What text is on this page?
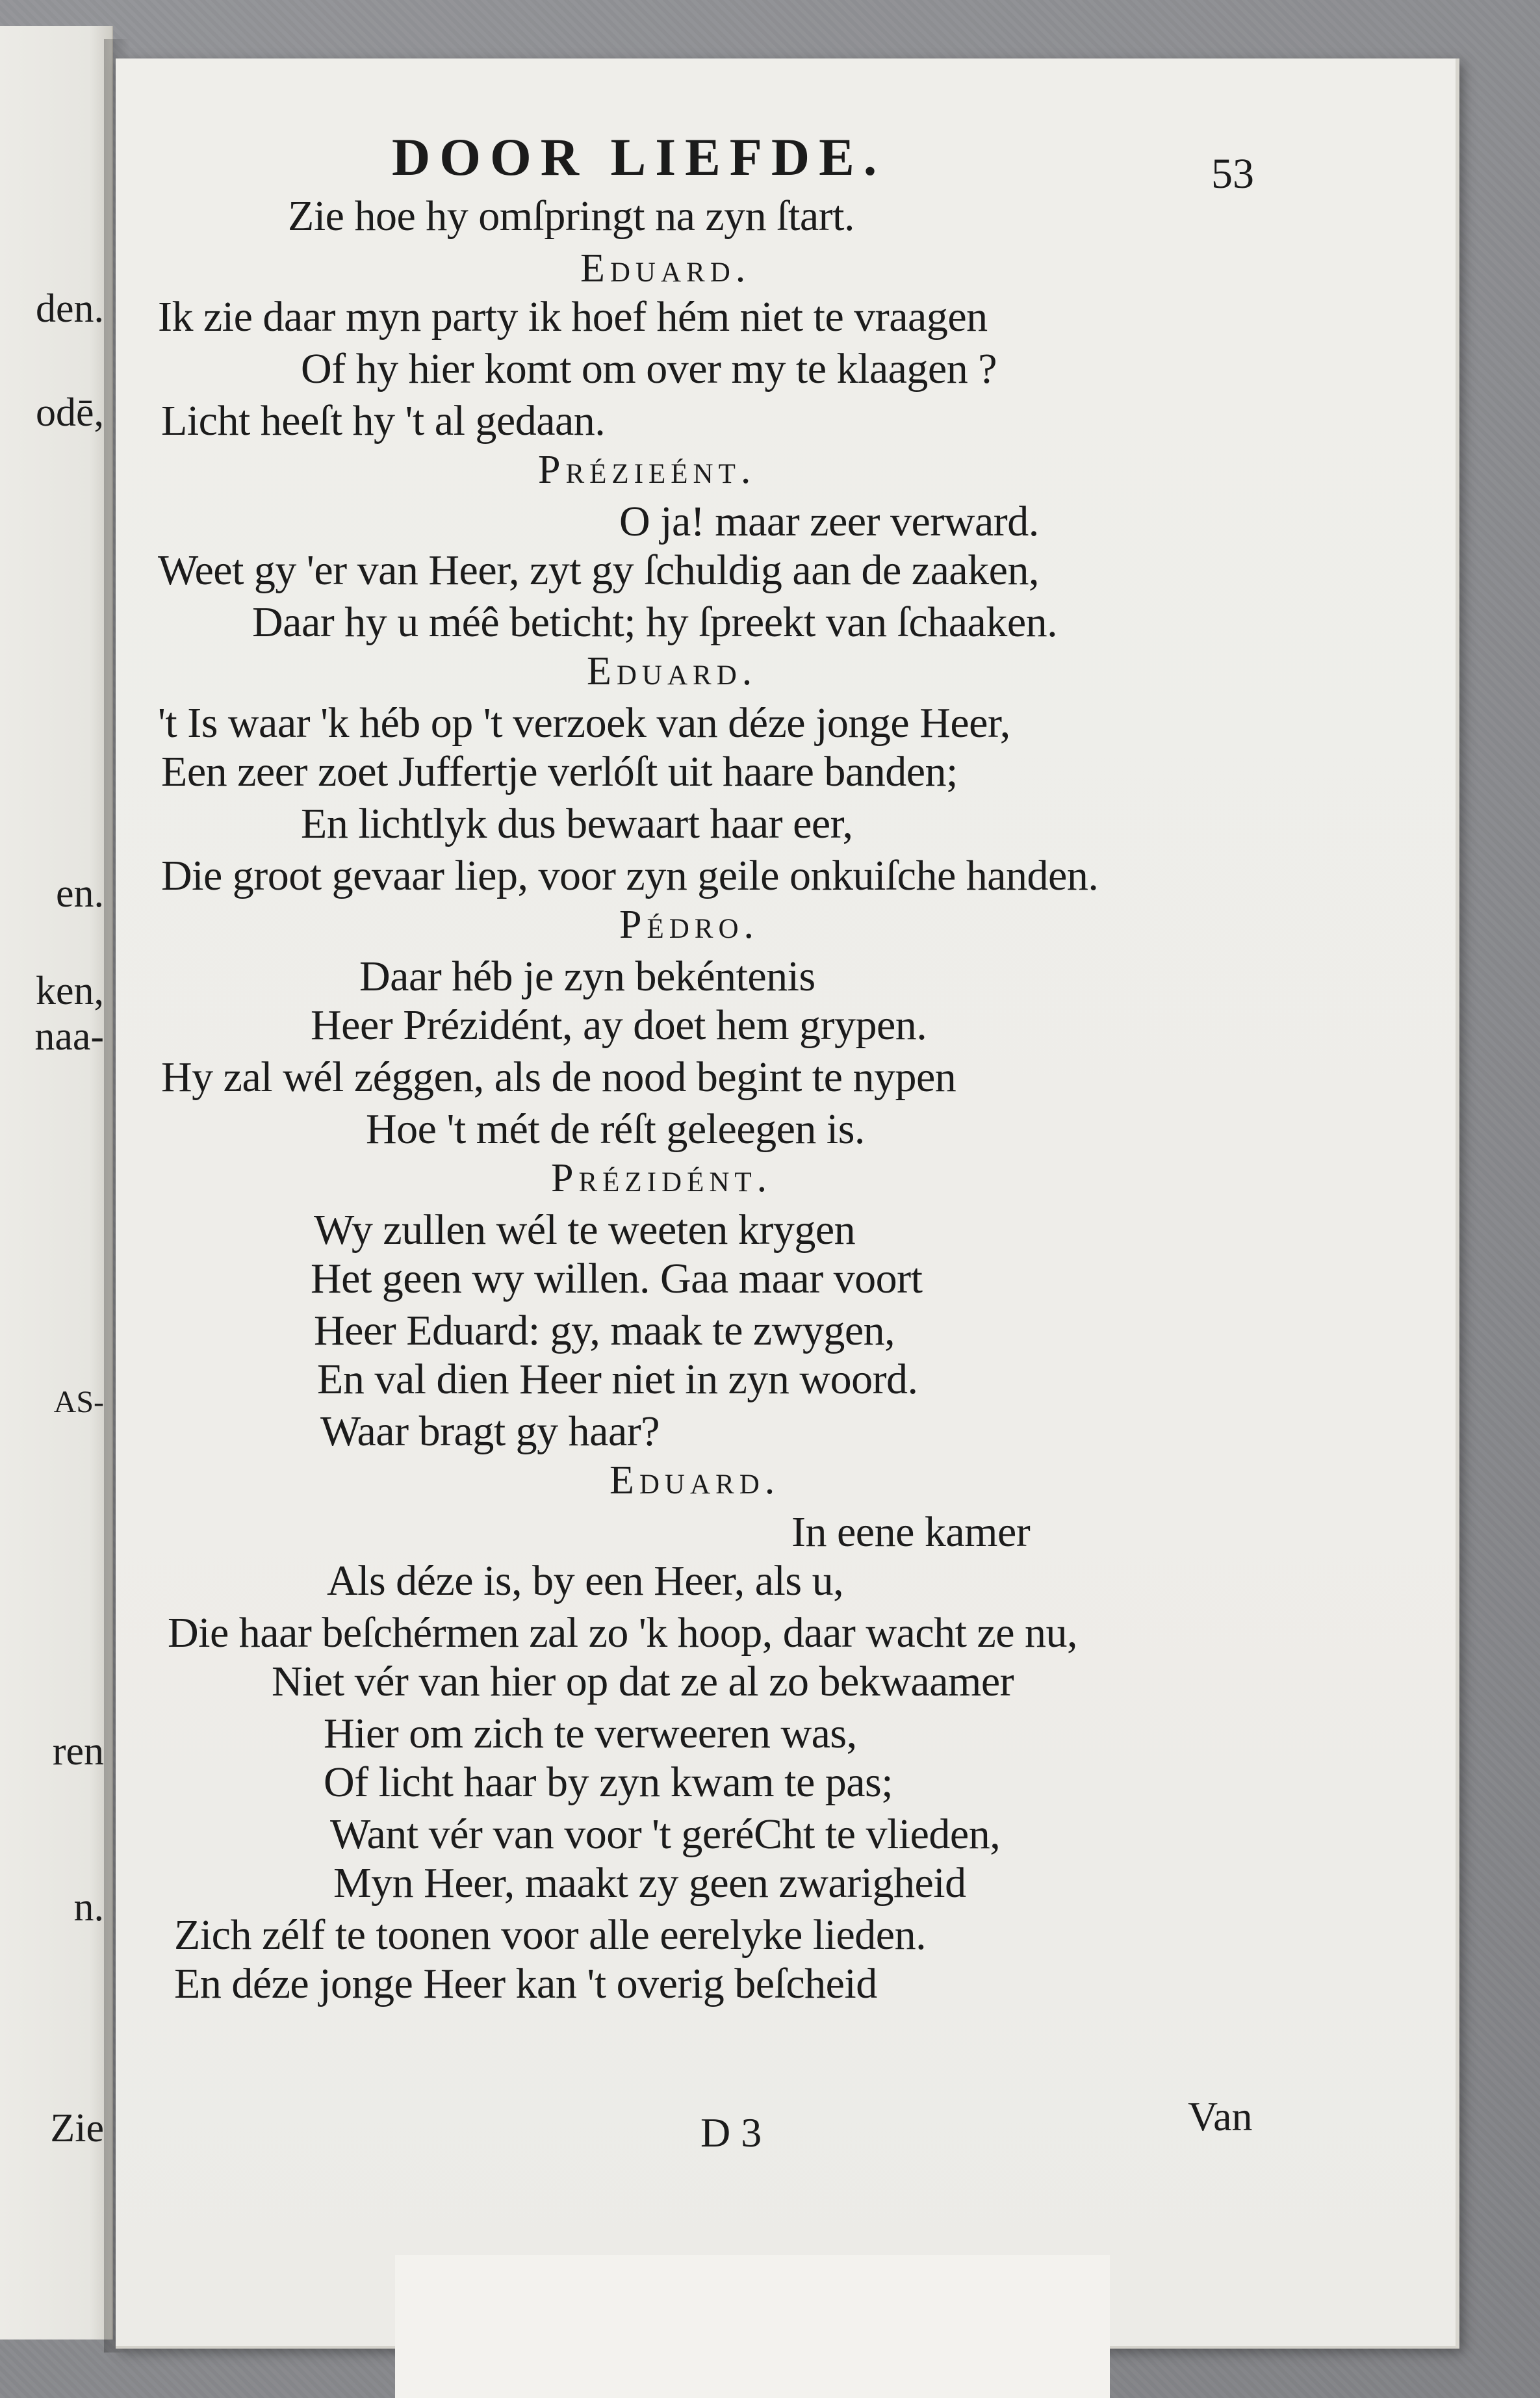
den.
odē,
en.
ken,
naa-
AS-
ren
n.
Zie
DOOR LIEFDE.	53
Zie hoe hy omſpringt na zyn ſtart.
Eduard.
Ik zie daar myn party ik hoef hém niet te vraagen
Of hy hier komt om over my te klaagen ?
Licht heeſt hy 't al gedaan.
Prézieént.
O ja! maar zeer verward.
Weet gy 'er van Heer, zyt gy ſchuldig aan de zaaken,
Daar hy u méê beticht; hy ſpreekt van ſchaaken.
Eduard.
't Is waar 'k héb op 't verzoek van déze jonge Heer,
Een zeer zoet Juffertje verlóſt uit haare banden;
En lichtlyk dus bewaart haar eer,
Die groot gevaar liep, voor zyn geile onkuiſche handen.
Pédro.
Daar héb je zyn bekéntenis
Heer Prézidént, ay doet hem grypen.
Hy zal wél zéggen, als de nood begint te nypen
Hoe 't mét de réſt geleegen is.
Prézidént.
Wy zullen wél te weeten krygen
Het geen wy willen. Gaa maar voort
Heer Eduard: gy, maak te zwygen,
En val dien Heer niet in zyn woord.
Waar bragt gy haar?
Eduard.
In eene kamer
Als déze is, by een Heer, als u,
Die haar beſchérmen zal zo 'k hoop, daar wacht ze nu,
Niet vér van hier op dat ze al zo bekwaamer
Hier om zich te verweeren was,
Of licht haar by zyn kwam te pas;
Want vér van voor 't geréCht te vlieden,
Myn Heer, maakt zy geen zwarigheid
Zich zélf te toonen voor alle eerelyke lieden.
En déze jonge Heer kan 't overig beſcheid
D 3	Van
